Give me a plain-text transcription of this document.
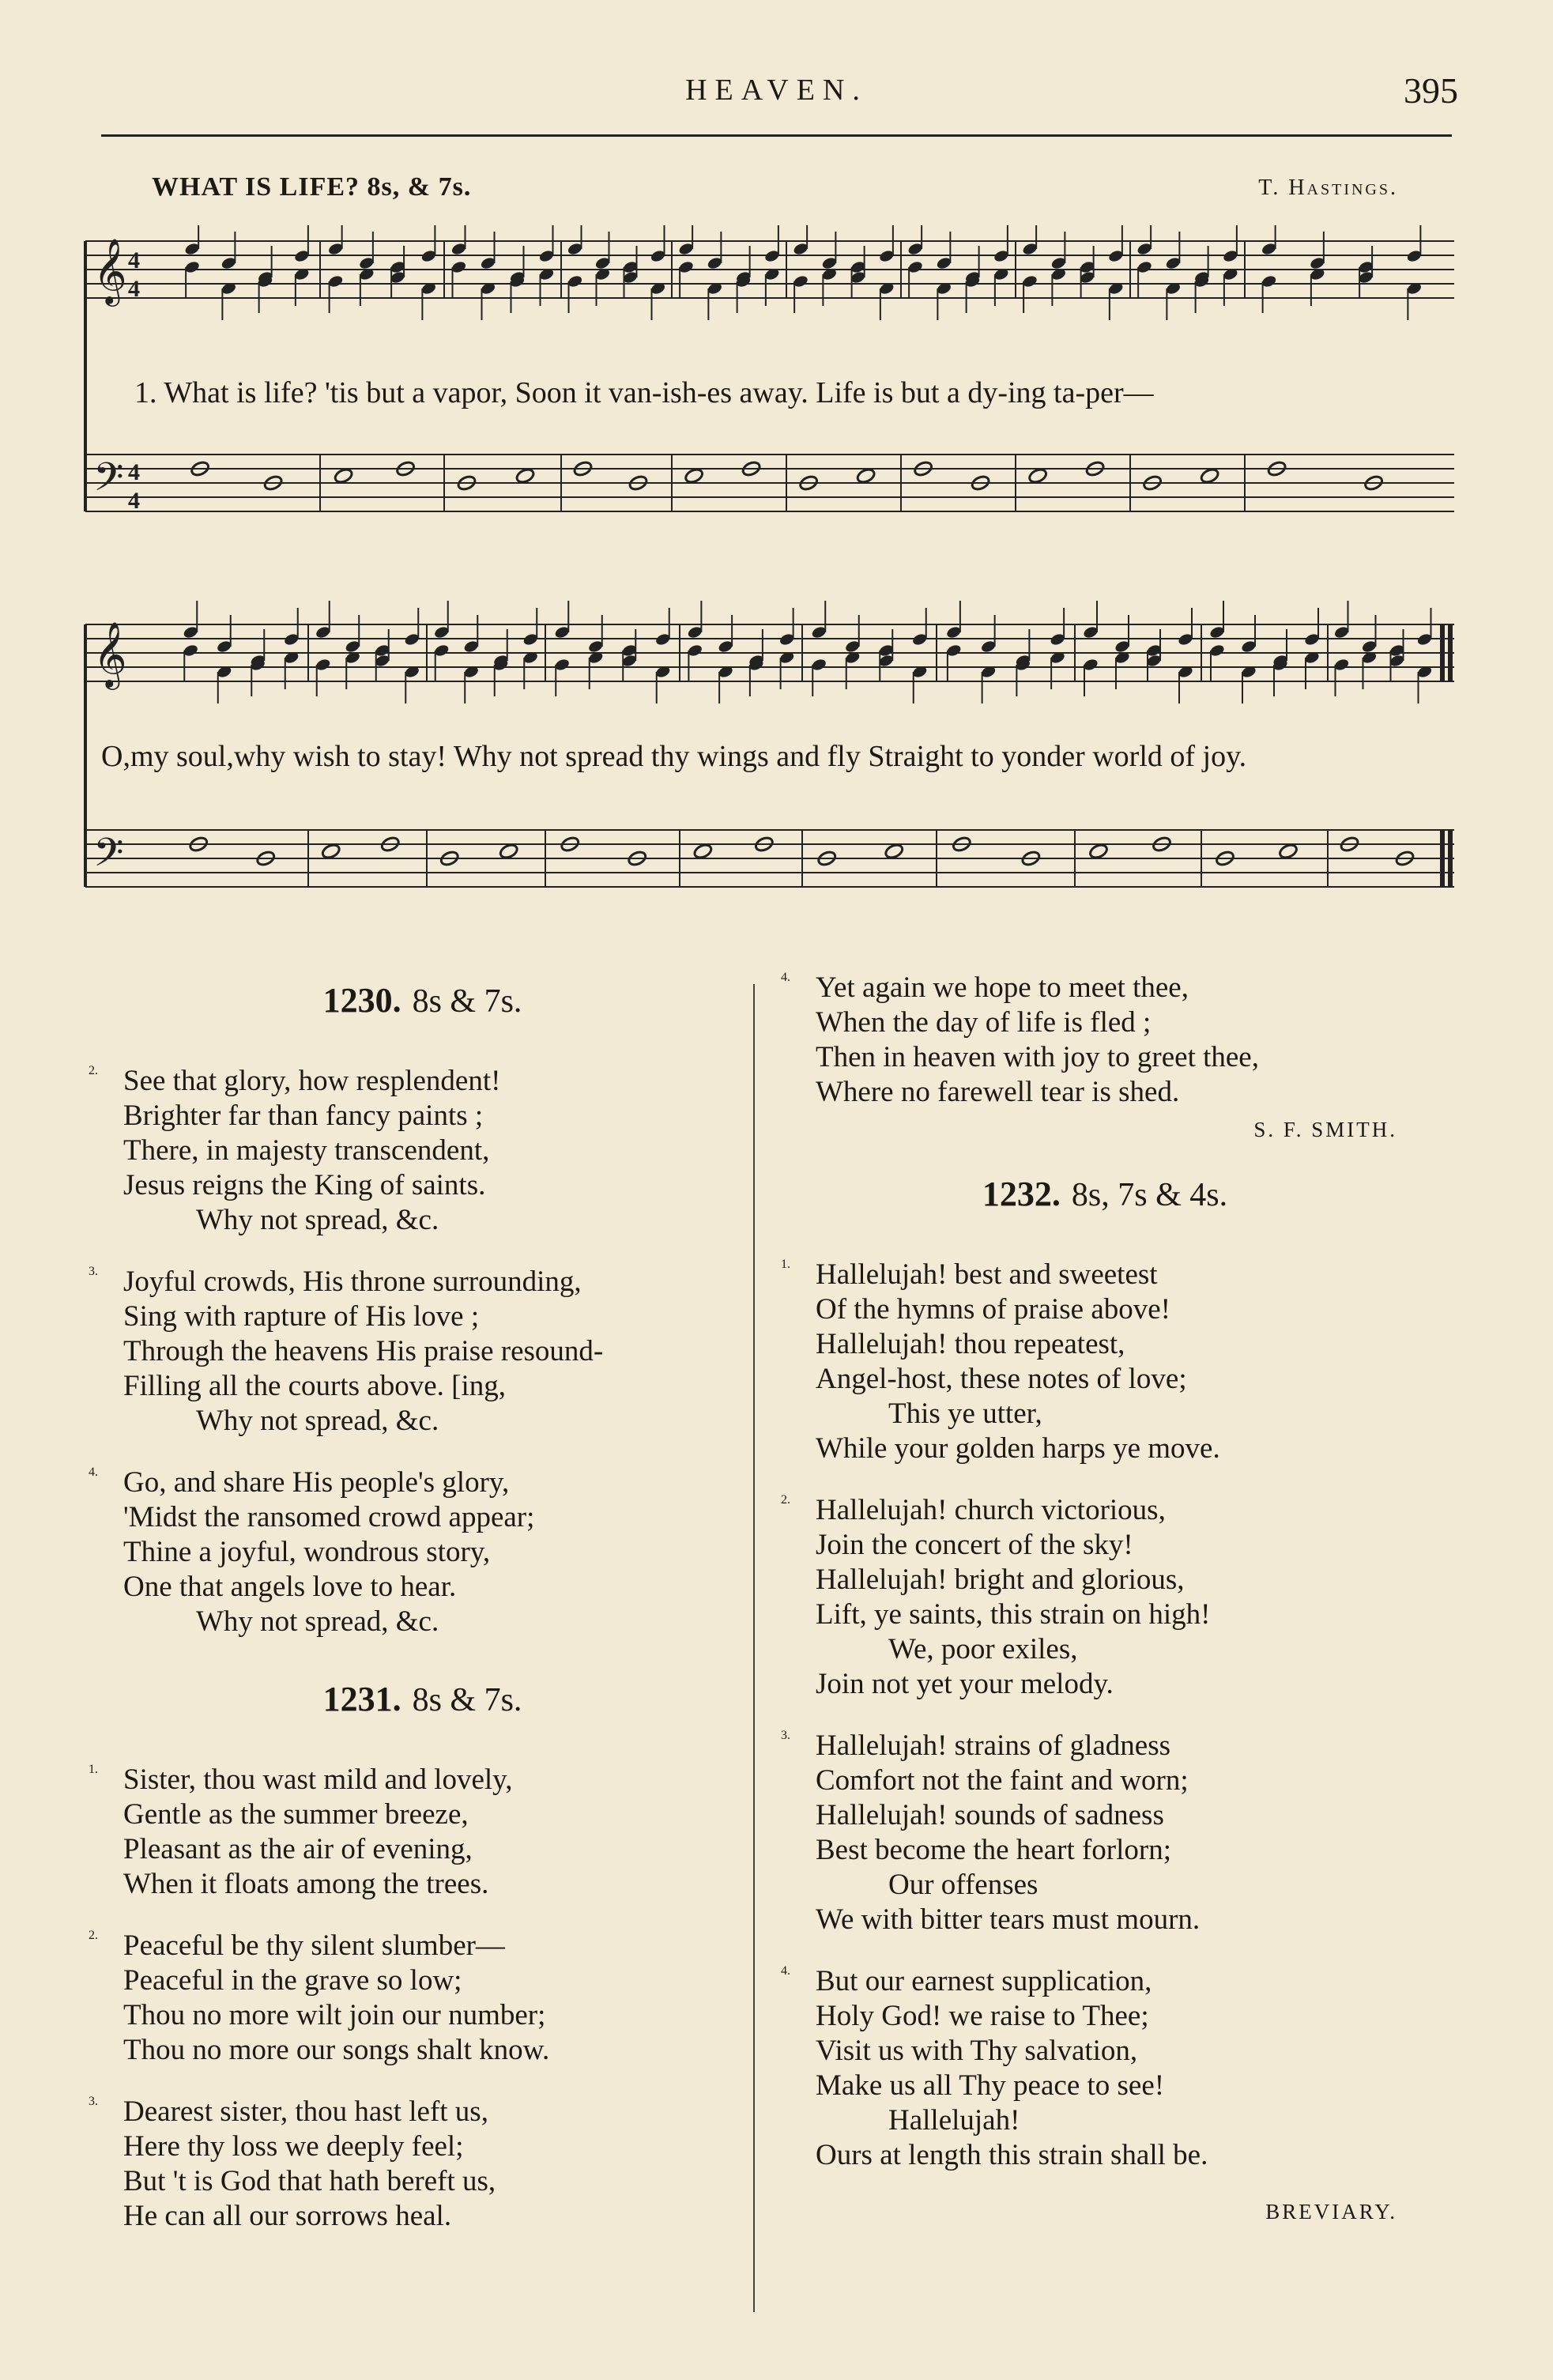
HEAVEN.	395
WHAT IS LIFE? 8s, & 7s.	T. Hastings.
𝄞
𝄢
4
4
4
4
1. What is life? 'tis but a vapor, Soon it van-ish-es away. Life is but a dy-ing ta-per—
𝄞
𝄢
O,my soul,why wish to stay! Why not spread thy wings and fly Straight to yonder world of joy.
1230. 8s & 7s.
2. See that glory, how resplendent!
Brighter far than fancy paints ;
There, in majesty transcendent,
Jesus reigns the King of saints.
Why not spread, &c.
3. Joyful crowds, His throne surrounding,
Sing with rapture of His love ;
Through the heavens His praise resound-
Filling all the courts above. [ing,
Why not spread, &c.
4. Go, and share His people's glory,
'Midst the ransomed crowd appear;
Thine a joyful, wondrous story,
One that angels love to hear.
Why not spread, &c.
1231. 8s & 7s.
1. Sister, thou wast mild and lovely,
Gentle as the summer breeze,
Pleasant as the air of evening,
When it floats among the trees.
2. Peaceful be thy silent slumber—
Peaceful in the grave so low;
Thou no more wilt join our number;
Thou no more our songs shalt know.
3. Dearest sister, thou hast left us,
Here thy loss we deeply feel;
But 't is God that hath bereft us,
He can all our sorrows heal.
4. Yet again we hope to meet thee,
When the day of life is fled ;
Then in heaven with joy to greet thee,
Where no farewell tear is shed.
S. F. SMITH.
1232. 8s, 7s & 4s.
1. Hallelujah! best and sweetest
Of the hymns of praise above!
Hallelujah! thou repeatest,
Angel-host, these notes of love;
This ye utter,
While your golden harps ye move.
2. Hallelujah! church victorious,
Join the concert of the sky!
Hallelujah! bright and glorious,
Lift, ye saints, this strain on high!
We, poor exiles,
Join not yet your melody.
3. Hallelujah! strains of gladness
Comfort not the faint and worn;
Hallelujah! sounds of sadness
Best become the heart forlorn;
Our offenses
We with bitter tears must mourn.
4. But our earnest supplication,
Holy God! we raise to Thee;
Visit us with Thy salvation,
Make us all Thy peace to see!
Hallelujah!
Ours at length this strain shall be.
BREVIARY.
